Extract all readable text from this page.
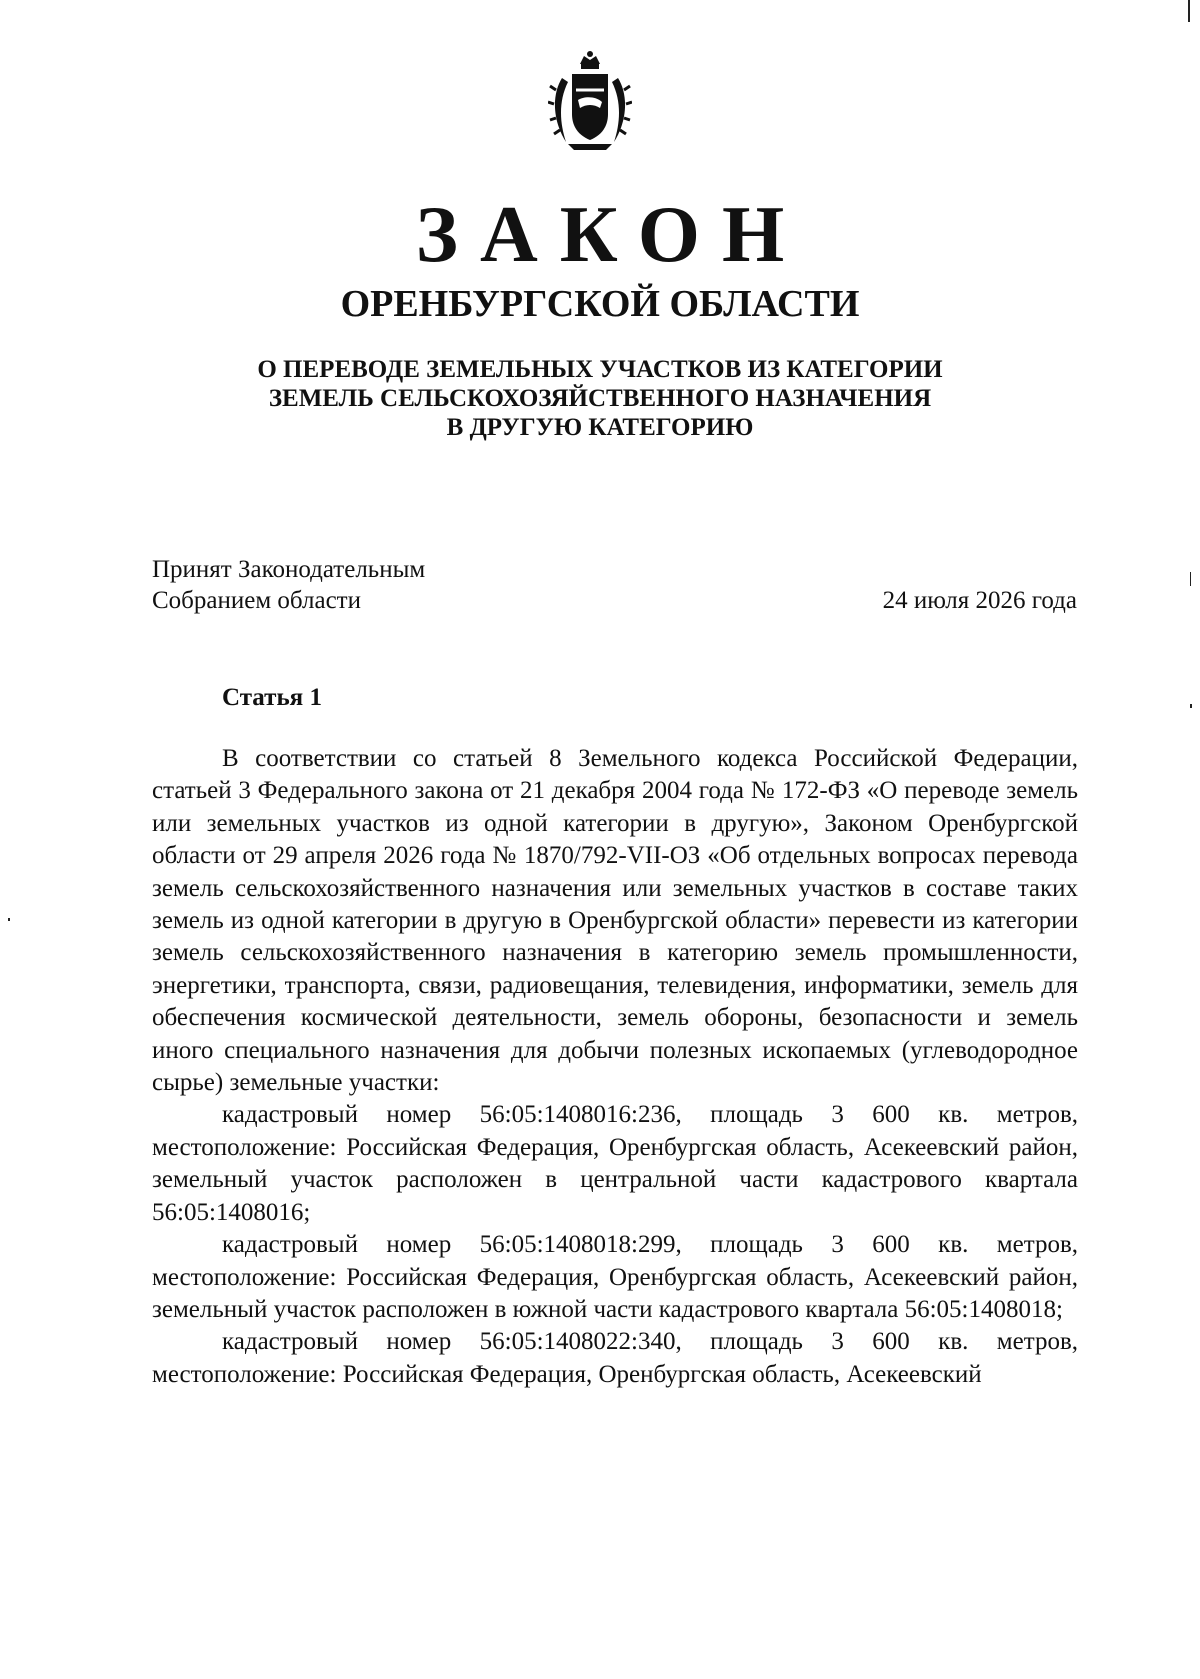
ЗАКОН
ОРЕНБУРГСКОЙ ОБЛАСТИ
О ПЕРЕВОДЕ ЗЕМЕЛЬНЫХ УЧАСТКОВ ИЗ КАТЕГОРИИ
ЗЕМЕЛЬ СЕЛЬСКОХОЗЯЙСТВЕННОГО НАЗНАЧЕНИЯ
В ДРУГУЮ КАТЕГОРИЮ
Принят Законодательным
Собранием области	24 июля 2026 года
Статья 1

В соответствии со статьей 8 Земельного кодекса Российской Федерации, статьей 3 Федерального закона от 21 декабря 2004 года № 172-ФЗ «О переводе земель или земельных участков из одной категории в другую», Законом Оренбургской области от 29 апреля 2026 года № 1870/792-VII-ОЗ «Об отдельных вопросах перевода земель сельскохозяйственного назначения или земельных участков в составе таких земель из одной категории в другую в Оренбургской области» перевести из категории земель сельскохозяйственного назначения в категорию земель промышленности, энергетики, транспорта, связи, радиовещания, телевидения, информатики, земель для обеспечения космической деятельности, земель обороны, безопасности и земель иного специального назначения для добычи полезных ископаемых (углеводородное сырье) земельные участки:

кадастровый номер 56:05:1408016:236, площадь 3 600 кв. метров, местоположение: Российская Федерация, Оренбургская область, Асекеевский район, земельный участок расположен в центральной части кадастрового квартала 56:05:1408016;

кадастровый номер 56:05:1408018:299, площадь 3 600 кв. метров, местоположение: Российская Федерация, Оренбургская область, Асекеевский район, земельный участок расположен в южной части кадастрового квартала 56:05:1408018;

кадастровый номер 56:05:1408022:340, площадь 3 600 кв. метров, местоположение: Российская Федерация, Оренбургская область, Асекеевский
